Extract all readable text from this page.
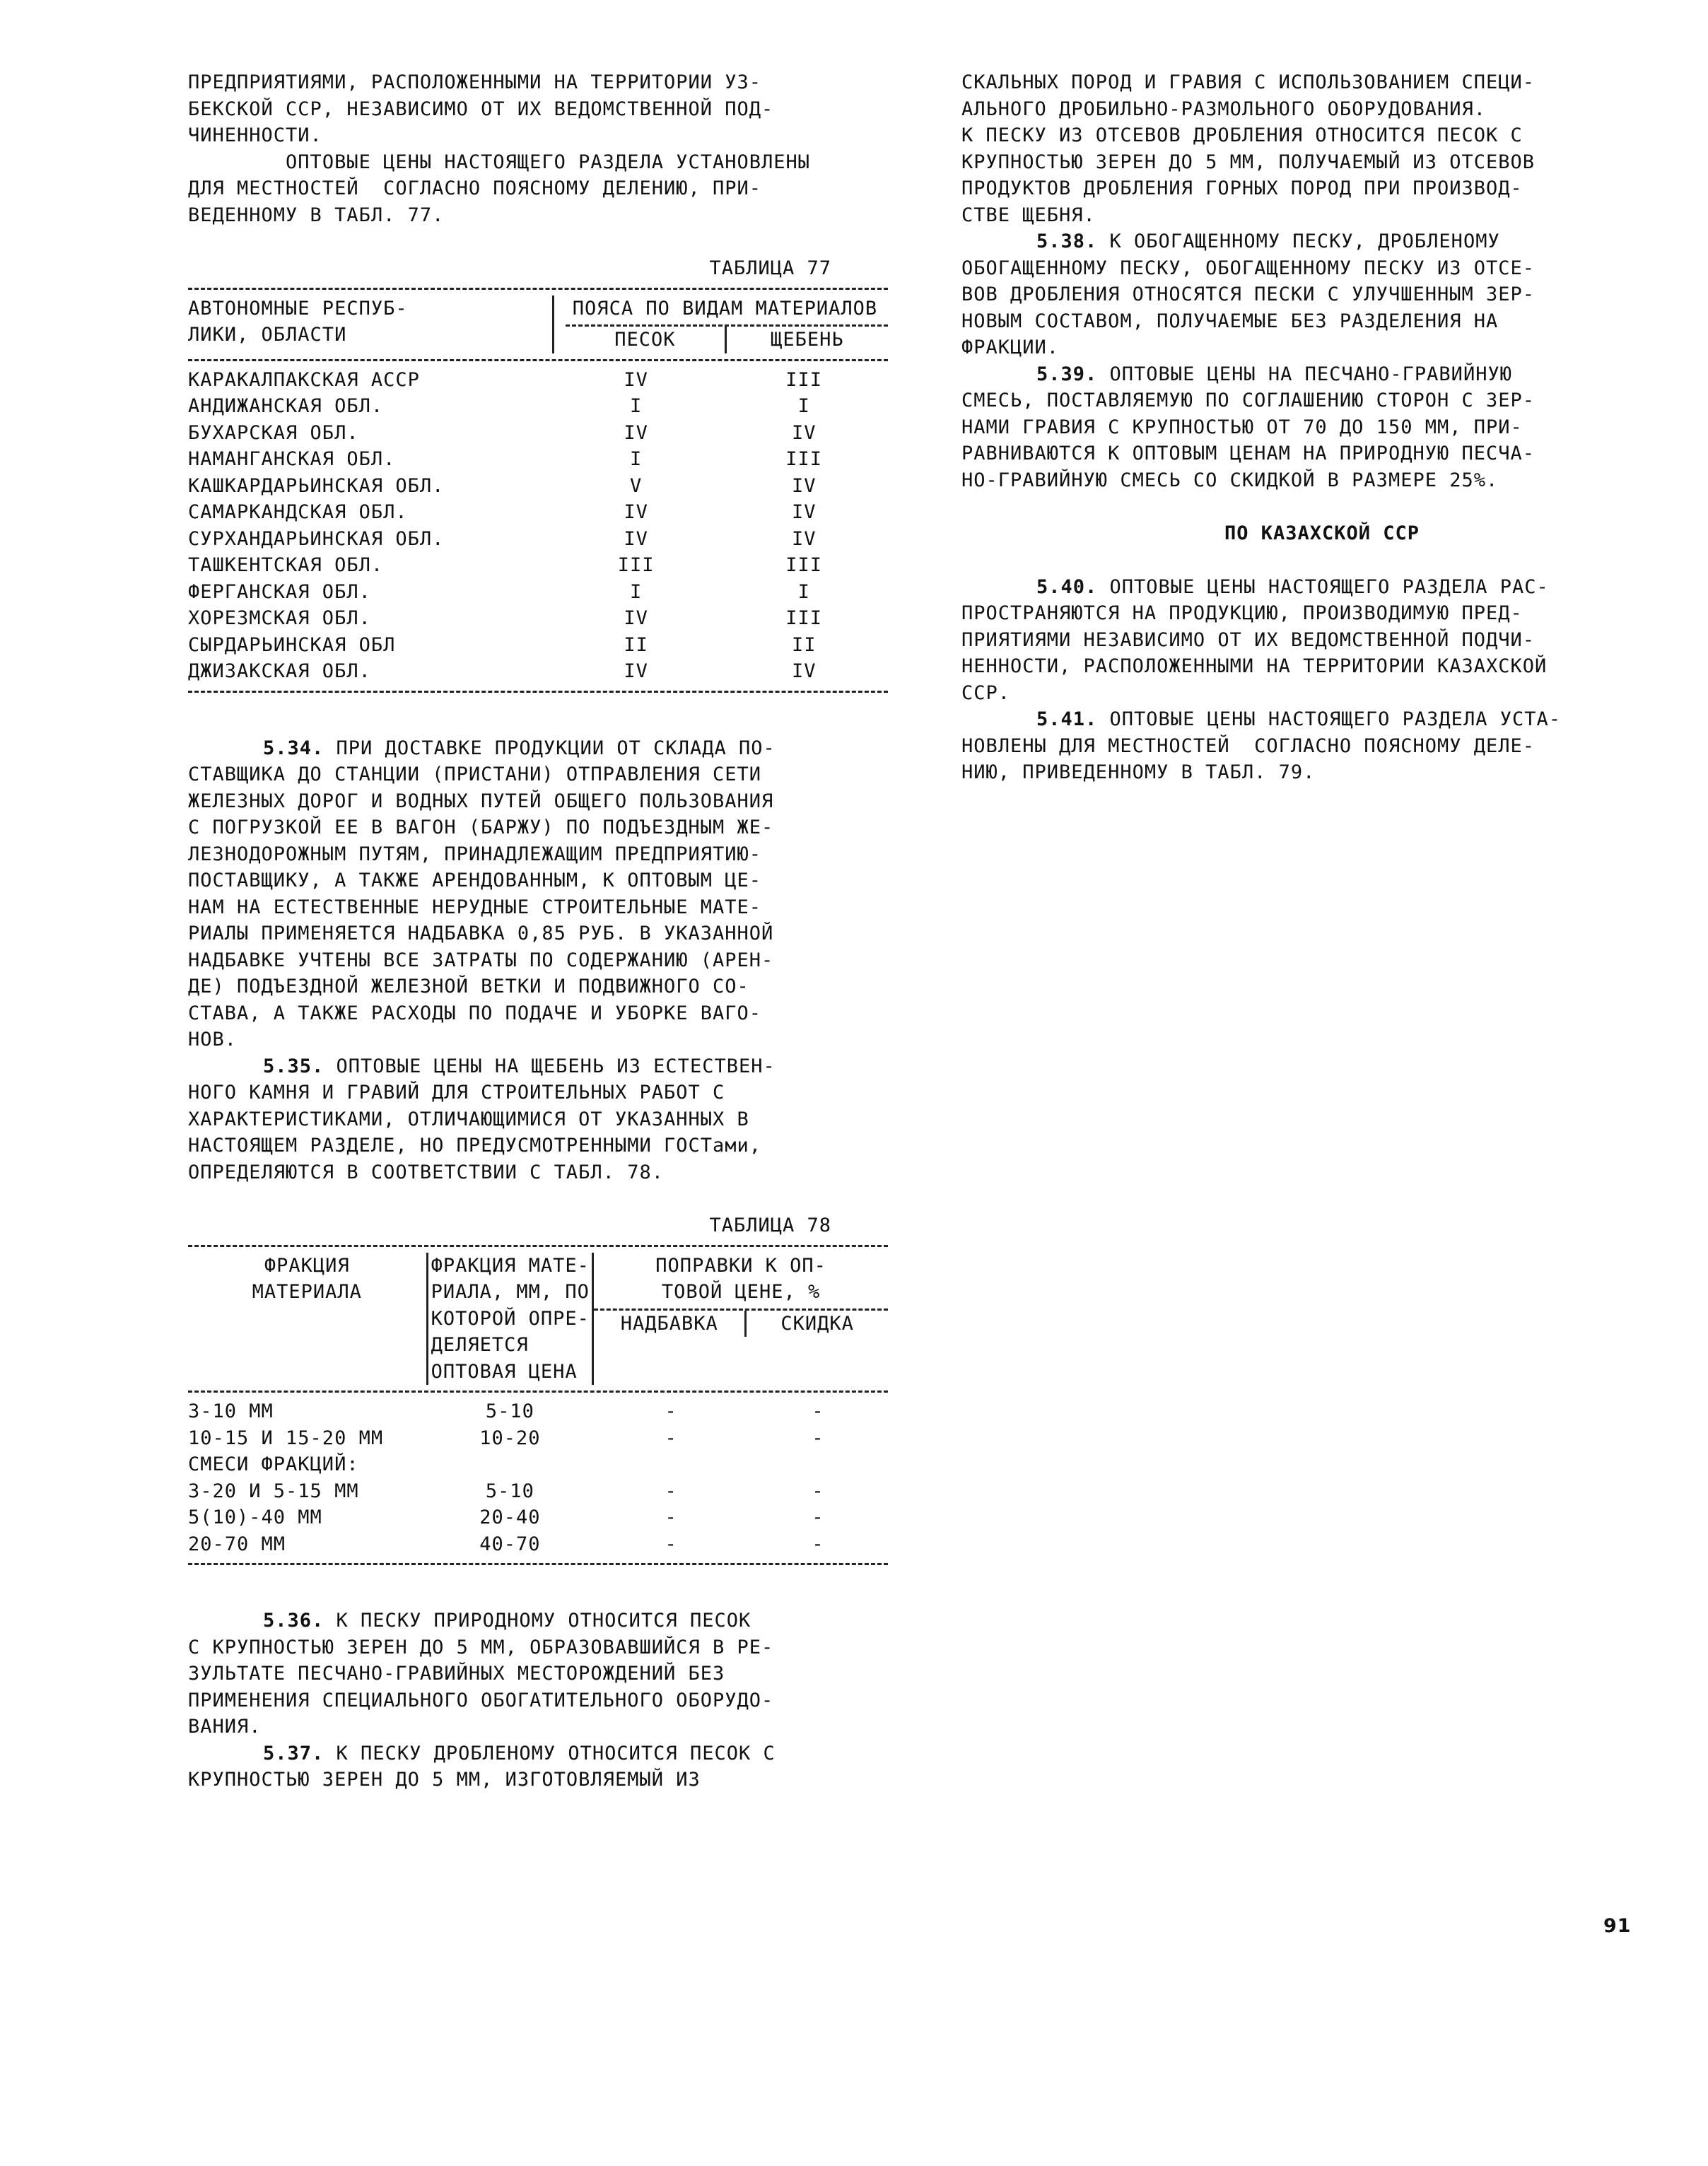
ПРЕДПРИЯТИЯМИ, РАСПОЛОЖЕННЫМИ НА ТЕРРИТОРИИ УЗ-
БЕКСКОЙ ССР, НЕЗАВИСИМО ОТ ИХ ВЕДОМСТВЕННОЙ ПОД-
ЧИНЕННОСТИ.

ОПТОВЫЕ ЦЕНЫ НАСТОЯЩЕГО РАЗДЕЛА УСТАНОВЛЕНЫ
ДЛЯ МЕСТНОСТЕЙ  СОГЛАСНО ПОЯСНОМУ ДЕЛЕНИЮ, ПРИ-
ВЕДЕННОМУ В ТАБЛ. 77.

ТАБЛИЦА 77

АВТОНОМНЫЕ РЕСПУБ-
ЛИКИ, ОБЛАСТИ
ПОЯСА ПО ВИДАМ МАТЕРИАЛОВ
ПЕСОК	ЩЕБЕНЬ
КАРАКАЛПАКСКАЯ АССР	IV	III
АНДИЖАНСКАЯ ОБЛ.	I	I
БУХАРСКАЯ ОБЛ.	IV	IV
НАМАНГАНСКАЯ ОБЛ.	I	III
КАШКАРДАРЬИНСКАЯ ОБЛ.	V	IV
САМАРКАНДСКАЯ ОБЛ.	IV	IV
СУРХАНДАРЬИНСКАЯ ОБЛ.	IV	IV
ТАШКЕНТСКАЯ ОБЛ.	III	III
ФЕРГАНСКАЯ ОБЛ.	I	I
ХОРЕЗМСКАЯ ОБЛ.	IV	III
СЫРДАРЬИНСКАЯ ОБЛ	II	II
ДЖИЗАКСКАЯ ОБЛ.	IV	IV

5.34. ПРИ ДОСТАВКЕ ПРОДУКЦИИ ОТ СКЛАДА ПО-
СТАВЩИКА ДО СТАНЦИИ (ПРИСТАНИ) ОТПРАВЛЕНИЯ СЕТИ
ЖЕЛЕЗНЫХ ДОРОГ И ВОДНЫХ ПУТЕЙ ОБЩЕГО ПОЛЬЗОВАНИЯ
С ПОГРУЗКОЙ ЕЕ В ВАГОН (БАРЖУ) ПО ПОДЪЕЗДНЫМ ЖЕ-
ЛЕЗНОДОРОЖНЫМ ПУТЯМ, ПРИНАДЛЕЖАЩИМ ПРЕДПРИЯТИЮ-
ПОСТАВЩИКУ, А ТАКЖЕ АРЕНДОВАННЫМ, К ОПТОВЫМ ЦЕ-
НАМ НА ЕСТЕСТВЕННЫЕ НЕРУДНЫЕ СТРОИТЕЛЬНЫЕ МАТЕ-
РИАЛЫ ПРИМЕНЯЕТСЯ НАДБАВКА 0,85 РУБ. В УКАЗАННОЙ
НАДБАВКЕ УЧТЕНЫ ВСЕ ЗАТРАТЫ ПО СОДЕРЖАНИЮ (АРЕН-
ДЕ) ПОДЪЕЗДНОЙ ЖЕЛЕЗНОЙ ВЕТКИ И ПОДВИЖНОГО СО-
СТАВА, А ТАКЖЕ РАСХОДЫ ПО ПОДАЧЕ И УБОРКЕ ВАГО-
НОВ.

5.35. ОПТОВЫЕ ЦЕНЫ НА ЩЕБЕНЬ ИЗ ЕСТЕСТВЕН-
НОГО КАМНЯ И ГРАВИЙ ДЛЯ СТРОИТЕЛЬНЫХ РАБОТ С
ХАРАКТЕРИСТИКАМИ, ОТЛИЧАЮЩИМИСЯ ОТ УКАЗАННЫХ В
НАСТОЯЩЕМ РАЗДЕЛЕ, НО ПРЕДУСМОТРЕННЫМИ ГОСТами,
ОПРЕДЕЛЯЮТСЯ В СООТВЕТСТВИИ С ТАБЛ. 78.

ТАБЛИЦА 78

ФРАКЦИЯ
МАТЕРИАЛА
ФРАКЦИЯ МАТЕ-
РИАЛА, ММ, ПО
КОТОРОЙ ОПРЕ-
ДЕЛЯЕТСЯ
ОПТОВАЯ ЦЕНА
ПОПРАВКИ К ОП-
ТОВОЙ ЦЕНЕ, %
НАДБАВКА	СКИДКА
3-10 ММ	5-10	-	-
10-15 И 15-20 ММ	10-20	-	-
СМЕСИ ФРАКЦИЙ:			
3-20 И 5-15 ММ	5-10	-	-
5(10)-40 ММ	20-40	-	-
20-70 ММ	40-70	-	-

5.36. К ПЕСКУ ПРИРОДНОМУ ОТНОСИТСЯ ПЕСОК
С КРУПНОСТЬЮ ЗЕРЕН ДО 5 ММ, ОБРАЗОВАВШИЙСЯ В РЕ-
ЗУЛЬТАТЕ ПЕСЧАНО-ГРАВИЙНЫХ МЕСТОРОЖДЕНИЙ БЕЗ
ПРИМЕНЕНИЯ СПЕЦИАЛЬНОГО ОБОГАТИТЕЛЬНОГО ОБОРУДО-
ВАНИЯ.

5.37. К ПЕСКУ ДРОБЛЕНОМУ ОТНОСИТСЯ ПЕСОК С
КРУПНОСТЬЮ ЗЕРЕН ДО 5 ММ, ИЗГОТОВЛЯЕМЫЙ ИЗ

СКАЛЬНЫХ ПОРОД И ГРАВИЯ С ИСПОЛЬЗОВАНИЕМ СПЕЦИ-
АЛЬНОГО ДРОБИЛЬНО-РАЗМОЛЬНОГО ОБОРУДОВАНИЯ.
К ПЕСКУ ИЗ ОТСЕВОВ ДРОБЛЕНИЯ ОТНОСИТСЯ ПЕСОК С
КРУПНОСТЬЮ ЗЕРЕН ДО 5 ММ, ПОЛУЧАЕМЫЙ ИЗ ОТСЕВОВ
ПРОДУКТОВ ДРОБЛЕНИЯ ГОРНЫХ ПОРОД ПРИ ПРОИЗВОД-
СТВЕ ЩЕБНЯ.

5.38. К ОБОГАЩЕННОМУ ПЕСКУ, ДРОБЛЕНОМУ
ОБОГАЩЕННОМУ ПЕСКУ, ОБОГАЩЕННОМУ ПЕСКУ ИЗ ОТСЕ-
ВОВ ДРОБЛЕНИЯ ОТНОСЯТСЯ ПЕСКИ С УЛУЧШЕННЫМ ЗЕР-
НОВЫМ СОСТАВОМ, ПОЛУЧАЕМЫЕ БЕЗ РАЗДЕЛЕНИЯ НА
ФРАКЦИИ.

5.39. ОПТОВЫЕ ЦЕНЫ НА ПЕСЧАНО-ГРАВИЙНУЮ
СМЕСЬ, ПОСТАВЛЯЕМУЮ ПО СОГЛАШЕНИЮ СТОРОН С ЗЕР-
НАМИ ГРАВИЯ С КРУПНОСТЬЮ ОТ 70 ДО 150 ММ, ПРИ-
РАВНИВАЮТСЯ К ОПТОВЫМ ЦЕНАМ НА ПРИРОДНУЮ ПЕСЧА-
НО-ГРАВИЙНУЮ СМЕСЬ СО СКИДКОЙ В РАЗМЕРЕ 25%.

ПО КАЗАХСКОЙ ССР

5.40. ОПТОВЫЕ ЦЕНЫ НАСТОЯЩЕГО РАЗДЕЛА РАС-
ПРОСТРАНЯЮТСЯ НА ПРОДУКЦИЮ, ПРОИЗВОДИМУЮ ПРЕД-
ПРИЯТИЯМИ НЕЗАВИСИМО ОТ ИХ ВЕДОМСТВЕННОЙ ПОДЧИ-
НЕННОСТИ, РАСПОЛОЖЕННЫМИ НА ТЕРРИТОРИИ КАЗАХСКОЙ
ССР.

5.41. ОПТОВЫЕ ЦЕНЫ НАСТОЯЩЕГО РАЗДЕЛА УСТА-
НОВЛЕНЫ ДЛЯ МЕСТНОСТЕЙ  СОГЛАСНО ПОЯСНОМУ ДЕЛЕ-
НИЮ, ПРИВЕДЕННОМУ В ТАБЛ. 79.

91
